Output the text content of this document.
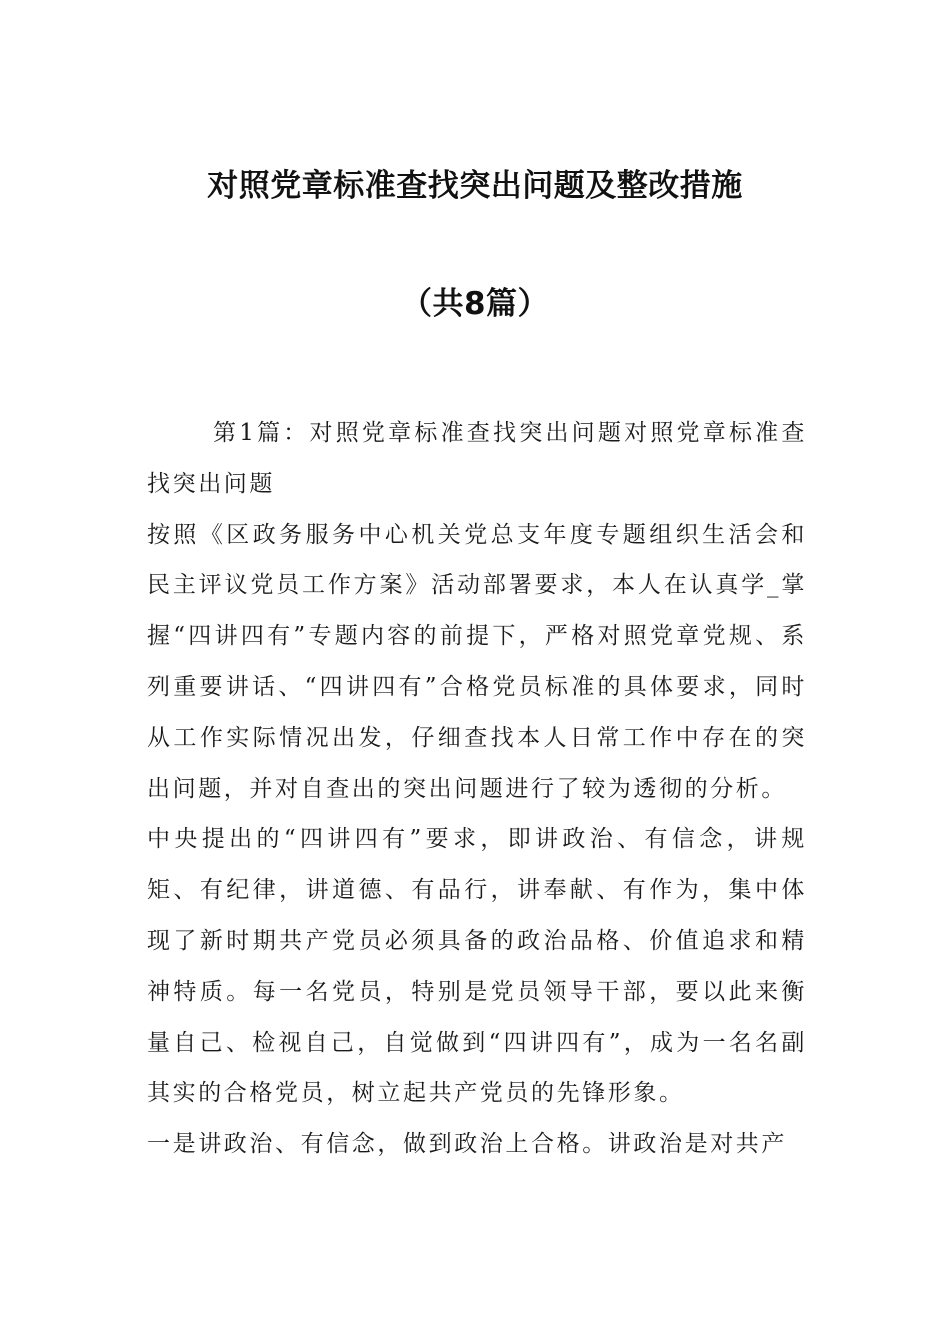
对照党章标准查找突出问题及整改措施
（共8篇）

第1篇：对照党章标准查找突出问题对照党章标准查找突出问题

按照《区政务服务中心机关党总支年度专题组织生活会和民主评议党员工作方案》活动部署要求，本人在认真学_掌握“四讲四有”专题内容的前提下，严格对照党章党规、系列重要讲话、“四讲四有”合格党员标准的具体要求，同时从工作实际情况出发，仔细查找本人日常工作中存在的突出问题，并对自查出的突出问题进行了较为透彻的分析。

中央提出的“四讲四有”要求，即讲政治、有信念，讲规矩、有纪律，讲道德、有品行，讲奉献、有作为，集中体现了新时期共产党员必须具备的政治品格、价值追求和精神特质。每一名党员，特别是党员领导干部，要以此来衡量自己、检视自己，自觉做到“四讲四有”，成为一名名副其实的合格党员，树立起共产党员的先锋形象。

一是讲政治、有信念，做到政治上合格。讲政治是对共产
